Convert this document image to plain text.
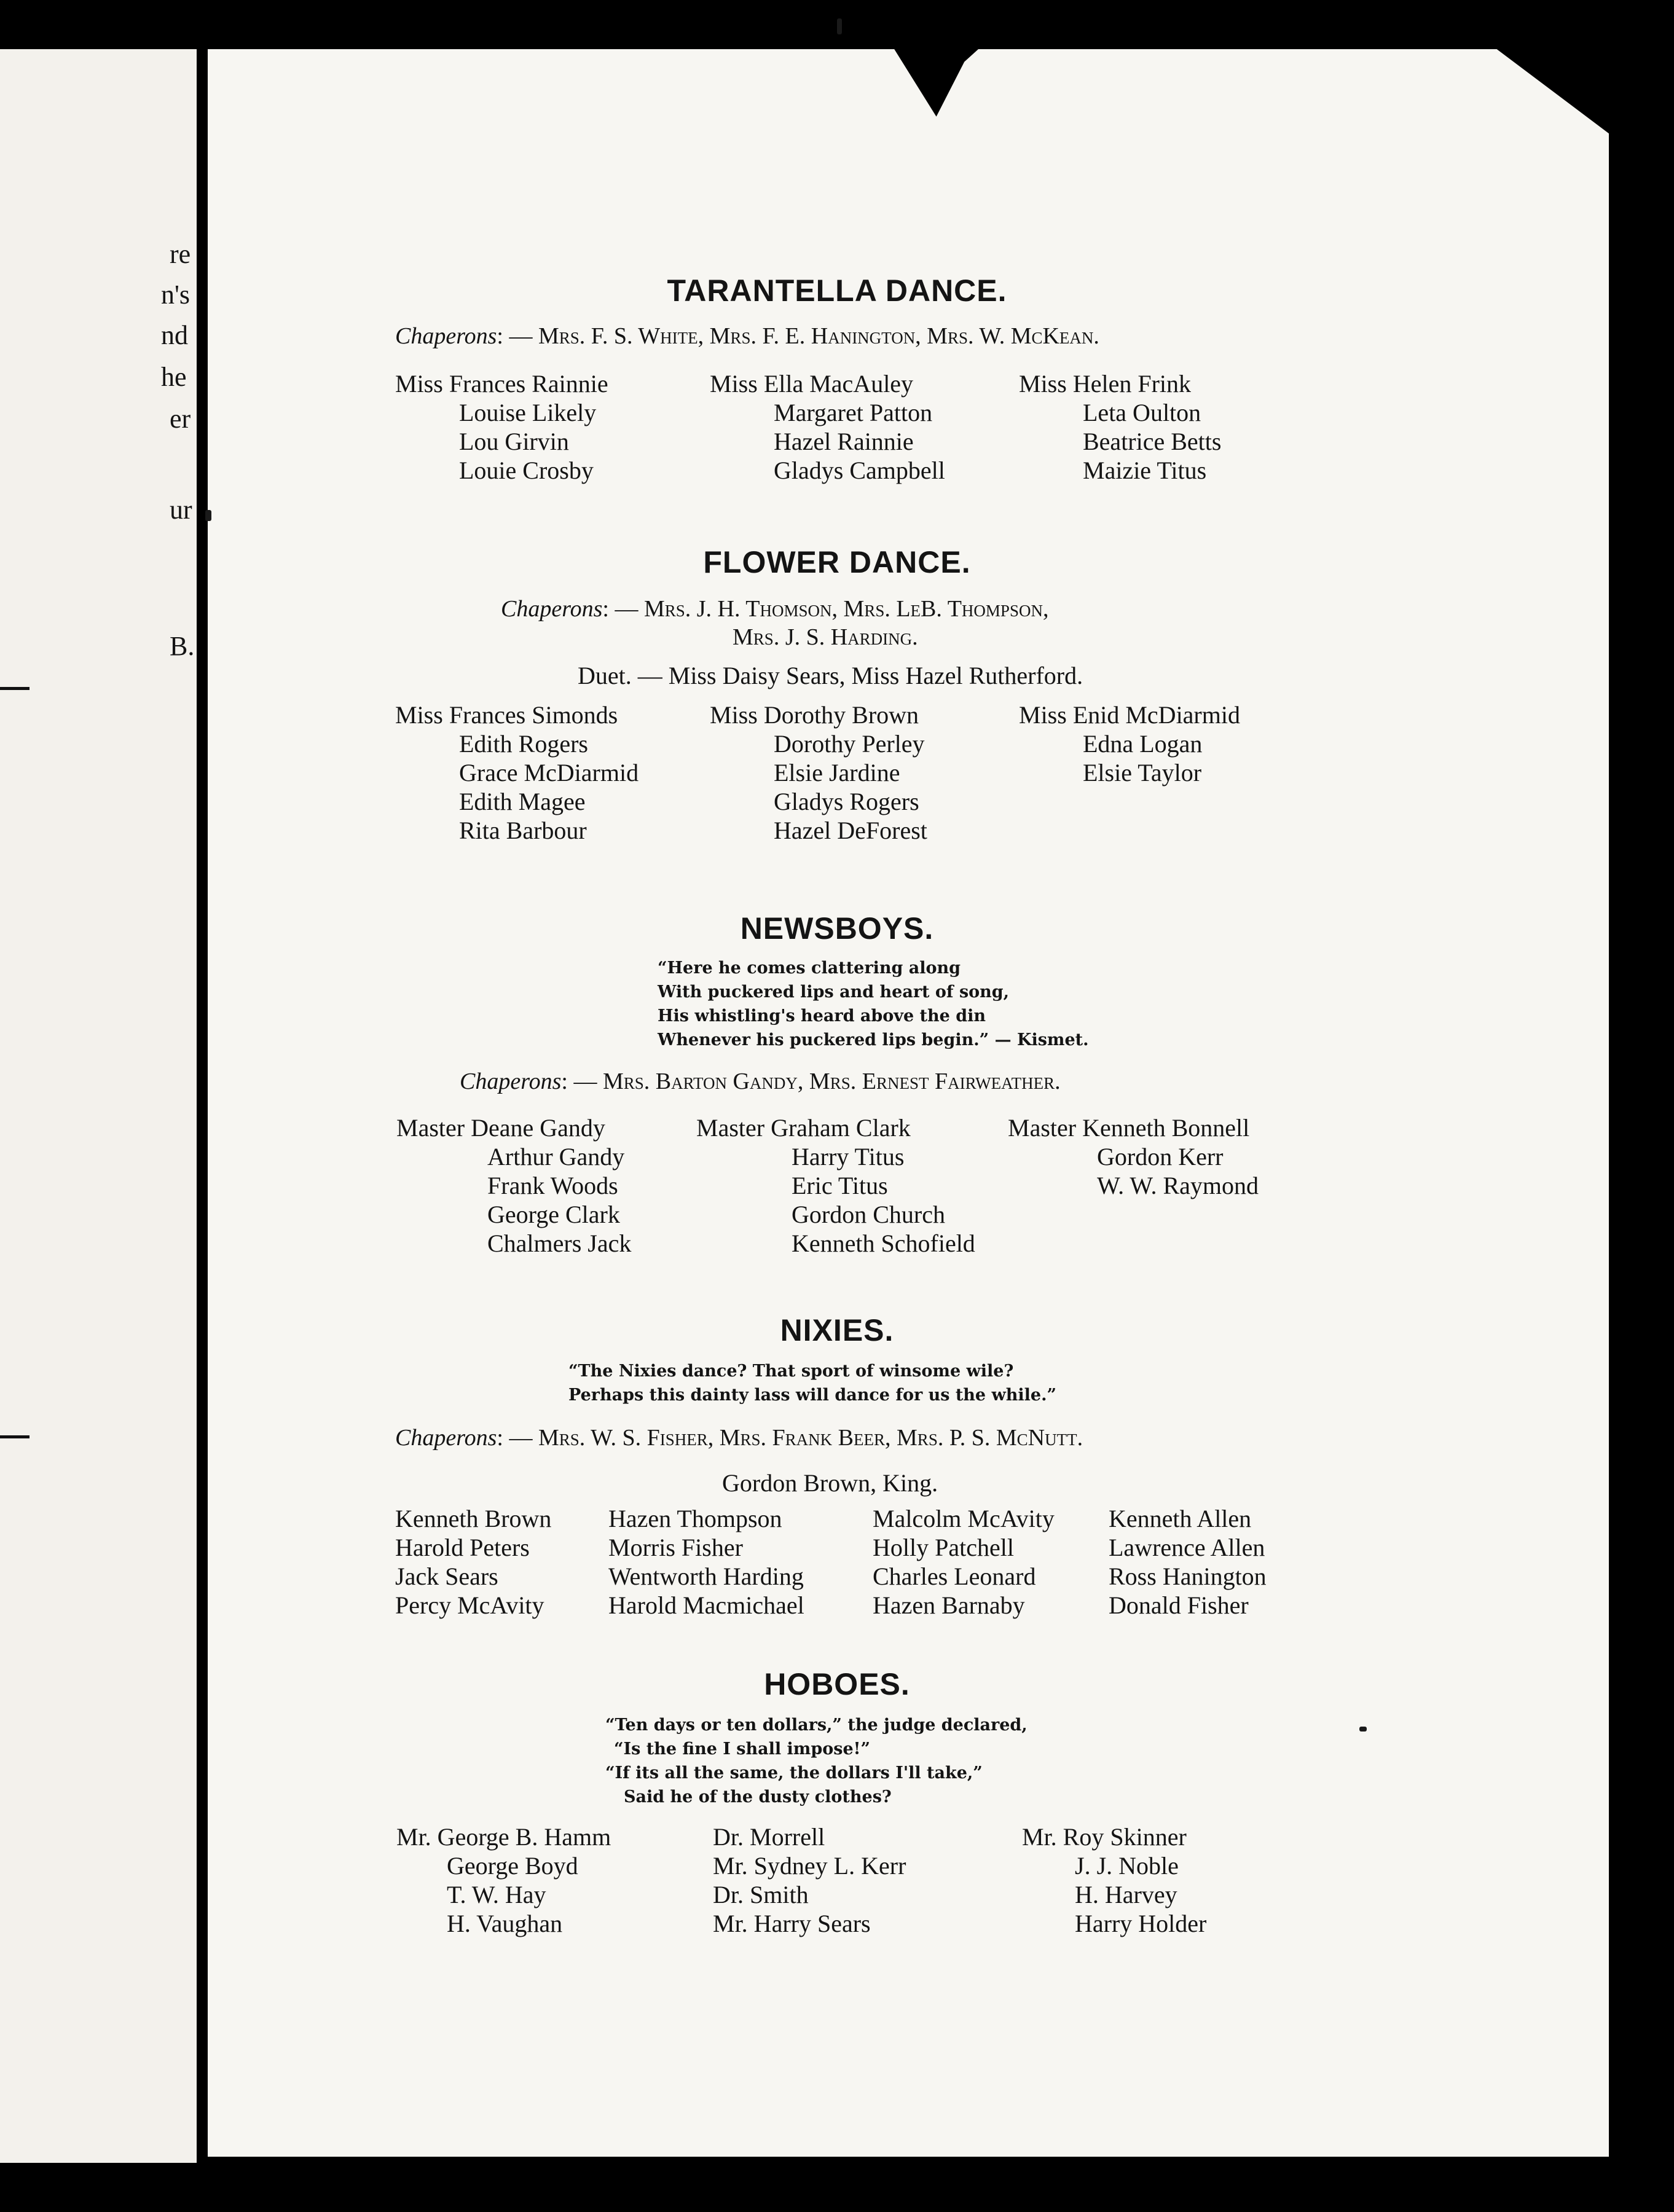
re
n's
nd
he
er
ur
B.
TARANTELLA DANCE.
Chaperons: — Mrs. F. S. White, Mrs. F. E. Hanington, Mrs. W. McKean.
Miss Frances Rainnie
Louise Likely
Lou Girvin
Louie Crosby
Miss Ella MacAuley
Margaret Patton
Hazel Rainnie
Gladys Campbell
Miss Helen Frink
Leta Oulton
Beatrice Betts
Maizie Titus
FLOWER DANCE.
Chaperons: — Mrs. J. H. Thomson, Mrs. LeB. Thompson,
Mrs. J. S. Harding.
Duet. — Miss Daisy Sears, Miss Hazel Rutherford.
Miss Frances Simonds
Edith Rogers
Grace McDiarmid
Edith Magee
Rita Barbour
Miss Dorothy Brown
Dorothy Perley
Elsie Jardine
Gladys Rogers
Hazel DeForest
Miss Enid McDiarmid
Edna Logan
Elsie Taylor
NEWSBOYS.
“Here he comes clattering along
With puckered lips and heart of song,
His whistling's heard above the din
Whenever his puckered lips begin.” — Kismet.
Chaperons: — Mrs. Barton Gandy, Mrs. Ernest Fairweather.
Master Deane Gandy
Arthur Gandy
Frank Woods
George Clark
Chalmers Jack
Master Graham Clark
Harry Titus
Eric Titus
Gordon Church
Kenneth Schofield
Master Kenneth Bonnell
Gordon Kerr
W. W. Raymond
NIXIES.
“The Nixies dance? That sport of winsome wile?
Perhaps this dainty lass will dance for us the while.”
Chaperons: — Mrs. W. S. Fisher, Mrs. Frank Beer, Mrs. P. S. McNutt.
Gordon Brown, King.
Kenneth Brown
Harold Peters
Jack Sears
Percy McAvity
Hazen Thompson
Morris Fisher
Wentworth Harding
Harold Macmichael
Malcolm McAvity
Holly Patchell
Charles Leonard
Hazen Barnaby
Kenneth Allen
Lawrence Allen
Ross Hanington
Donald Fisher
HOBOES.
“Ten days or ten dollars,” the judge declared,
“Is the fine I shall impose!”
“If its all the same, the dollars I'll take,”
Said he of the dusty clothes?
Mr. George B. Hamm
George Boyd
T. W. Hay
H. Vaughan
Dr. Morrell
Mr. Sydney L. Kerr
Dr. Smith
Mr. Harry Sears
Mr. Roy Skinner
J. J. Noble
H. Harvey
Harry Holder
